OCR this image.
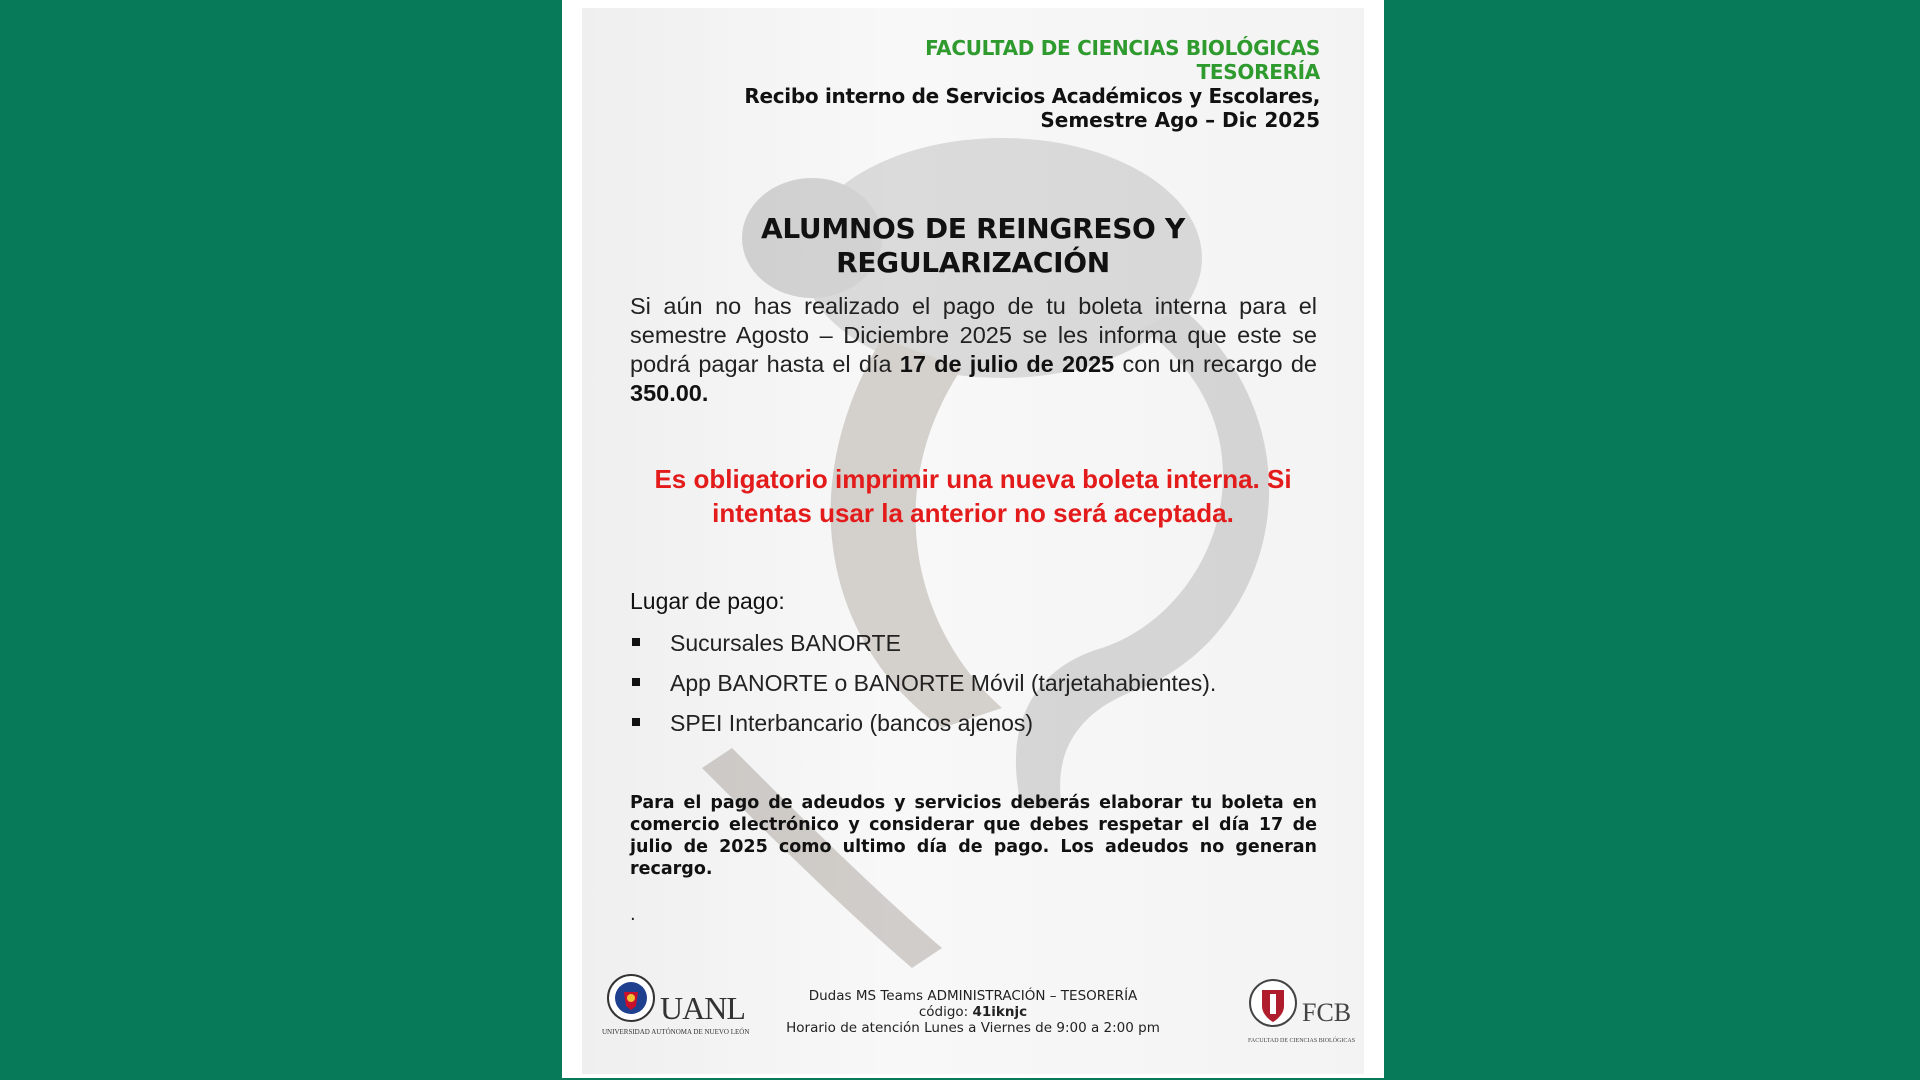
FACULTAD DE CIENCIAS BIOLÓGICAS
TESORERÍA
Recibo interno de Servicios Académicos y Escolares,
Semestre Ago – Dic 2025
ALUMNOS DE REINGRESO Y
REGULARIZACIÓN
Si aún no has realizado el pago de tu boleta interna para el semestre Agosto – Diciembre 2025 se les informa que este se podrá pagar hasta el día 17 de julio de 2025 con un recargo de 350.00.
Es obligatorio imprimir una nueva boleta interna. Si
intentas usar la anterior no será aceptada.
Lugar de pago:
Sucursales BANORTE
App BANORTE o BANORTE Móvil (tarjetahabientes).
SPEI Interbancario (bancos ajenos)
Para el pago de adeudos y servicios deberás elaborar tu boleta en comercio electrónico y considerar que debes respetar el día 17 de julio de 2025 como ultimo día de pago. Los adeudos no generan recargo.
.
UANL
UNIVERSIDAD AUTÓNOMA DE NUEVO LEÓN
Dudas MS Teams ADMINISTRACIÓN – TESORERÍA
código: 41iknjc
Horario de atención Lunes a Viernes de 9:00 a 2:00 pm
FCB
FACULTAD DE CIENCIAS BIOLÓGICAS
